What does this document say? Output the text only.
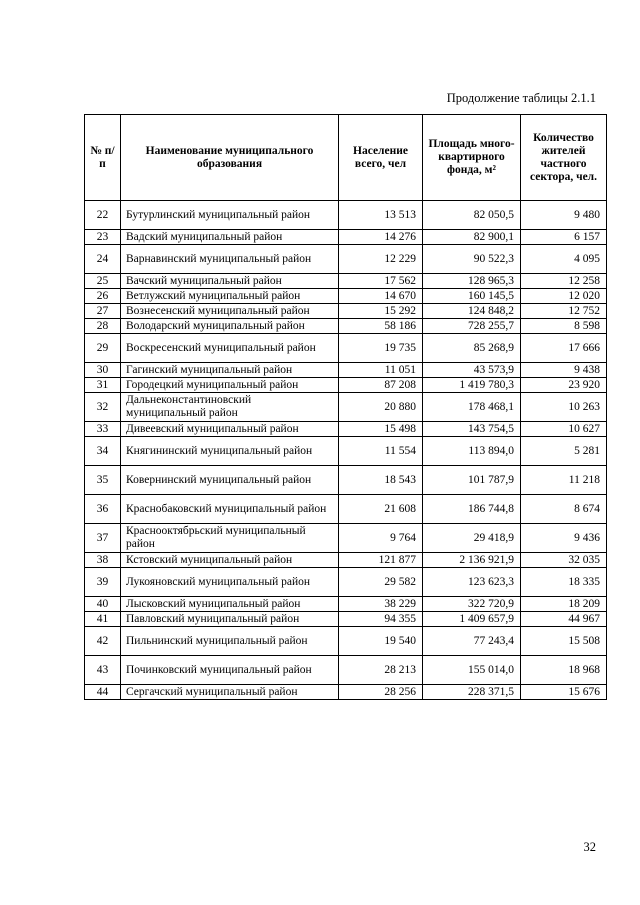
Продолжение таблицы 2.1.1
№ п/п	Наименование муниципального образования	Население всего, чел	Площадь много-квартирного фонда, м²	Количество жителей частного сектора, чел.
22	Бутурлинский муниципальный район	13 513	82 050,5	9 480
23	Вадский муниципальный район	14 276	82 900,1	6 157
24	Варнавинский муниципальный район	12 229	90 522,3	4 095
25	Вачский муниципальный район	17 562	128 965,3	12 258
26	Ветлужский муниципальный район	14 670	160 145,5	12 020
27	Вознесенский муниципальный район	15 292	124 848,2	12 752
28	Володарский муниципальный район	58 186	728 255,7	8 598
29	Воскресенский муниципальный район	19 735	85 268,9	17 666
30	Гагинский муниципальный район	11 051	43 573,9	9 438
31	Городецкий муниципальный район	87 208	1 419 780,3	23 920
32	Дальнеконстантиновский муниципальный район	20 880	178 468,1	10 263
33	Дивеевский муниципальный район	15 498	143 754,5	10 627
34	Княгининский муниципальный район	11 554	113 894,0	5 281
35	Ковернинский муниципальный район	18 543	101 787,9	11 218
36	Краснобаковский муниципальный район	21 608	186 744,8	8 674
37	Краснооктябрьский муниципальный район	9 764	29 418,9	9 436
38	Кстовский муниципальный район	121 877	2 136 921,9	32 035
39	Лукояновский муниципальный район	29 582	123 623,3	18 335
40	Лысковский муниципальный район	38 229	322 720,9	18 209
41	Павловский муниципальный район	94 355	1 409 657,9	44 967
42	Пильнинский муниципальный район	19 540	77 243,4	15 508
43	Починковский муниципальный район	28 213	155 014,0	18 968
44	Сергачский муниципальный район	28 256	228 371,5	15 676
32
